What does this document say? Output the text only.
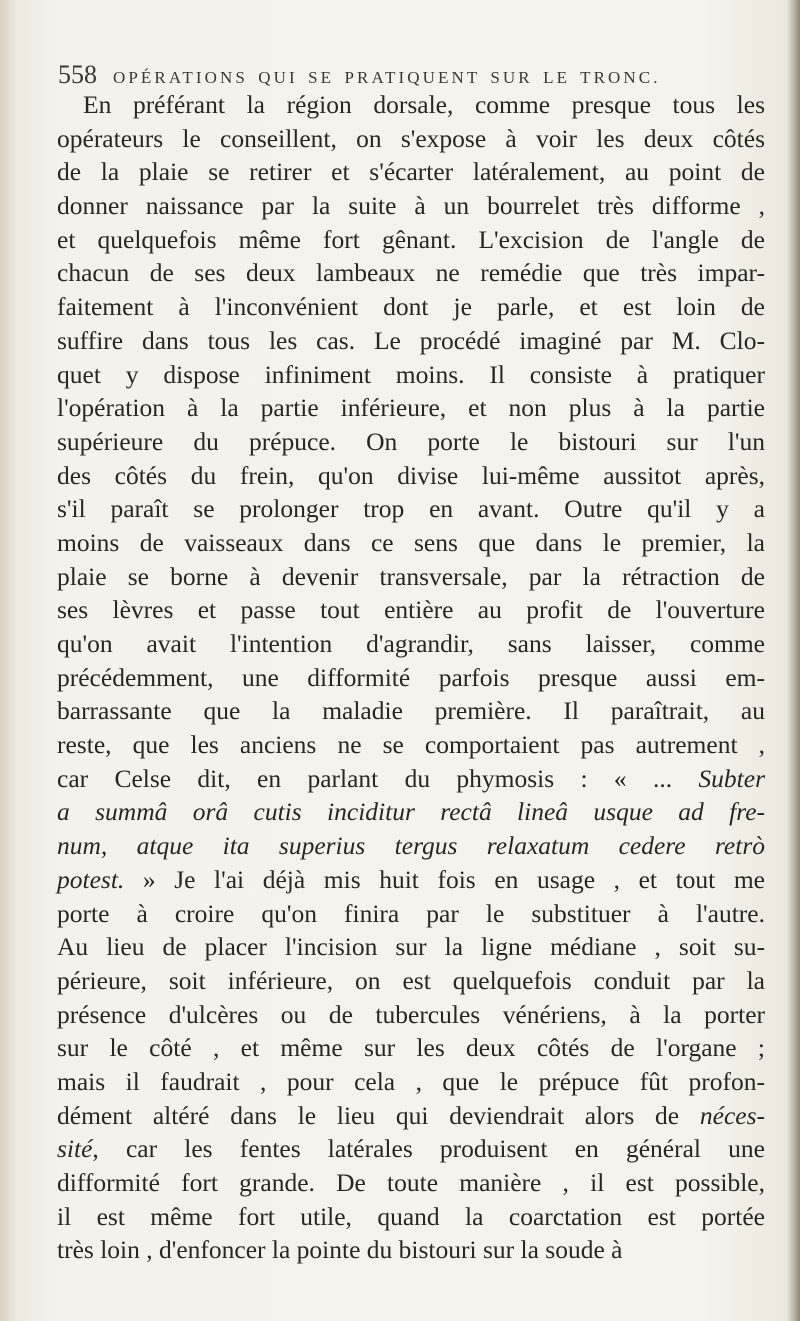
558 OPÉRATIONS QUI SE PRATIQUENT SUR LE TRONC.
En préférant la région dorsale, comme presque tous les
opérateurs le conseillent, on s'expose à voir les deux côtés
de la plaie se retirer et s'écarter latéralement, au point de
donner naissance par la suite à un bourrelet très difforme ,
et quelquefois même fort gênant. L'excision de l'angle de
chacun de ses deux lambeaux ne remédie que très impar-
faitement à l'inconvénient dont je parle, et est loin de
suffire dans tous les cas. Le procédé imaginé par M. Clo-
quet y dispose infiniment moins. Il consiste à pratiquer
l'opération à la partie inférieure, et non plus à la partie
supérieure du prépuce. On porte le bistouri sur l'un
des côtés du frein, qu'on divise lui-même aussitot après,
s'il paraît se prolonger trop en avant. Outre qu'il y a
moins de vaisseaux dans ce sens que dans le premier, la
plaie se borne à devenir transversale, par la rétraction de
ses lèvres et passe tout entière au profit de l'ouverture
qu'on avait l'intention d'agrandir, sans laisser, comme
précédemment, une difformité parfois presque aussi em-
barrassante que la maladie première. Il paraîtrait, au
reste, que les anciens ne se comportaient pas autrement ,
car Celse dit, en parlant du phymosis : « ... Subter
a summâ orâ cutis inciditur rectâ lineâ usque ad fre-
num, atque ita superius tergus relaxatum cedere retrò
potest. » Je l'ai déjà mis huit fois en usage , et tout me
porte à croire qu'on finira par le substituer à l'autre.
Au lieu de placer l'incision sur la ligne médiane , soit su-
périeure, soit inférieure, on est quelquefois conduit par la
présence d'ulcères ou de tubercules vénériens, à la porter
sur le côté , et même sur les deux côtés de l'organe ;
mais il faudrait , pour cela , que le prépuce fût profon-
dément altéré dans le lieu qui deviendrait alors de néces-
sité, car les fentes latérales produisent en général une
difformité fort grande. De toute manière , il est possible,
il est même fort utile, quand la coarctation est portée
très loin , d'enfoncer la pointe du bistouri sur la soude à
